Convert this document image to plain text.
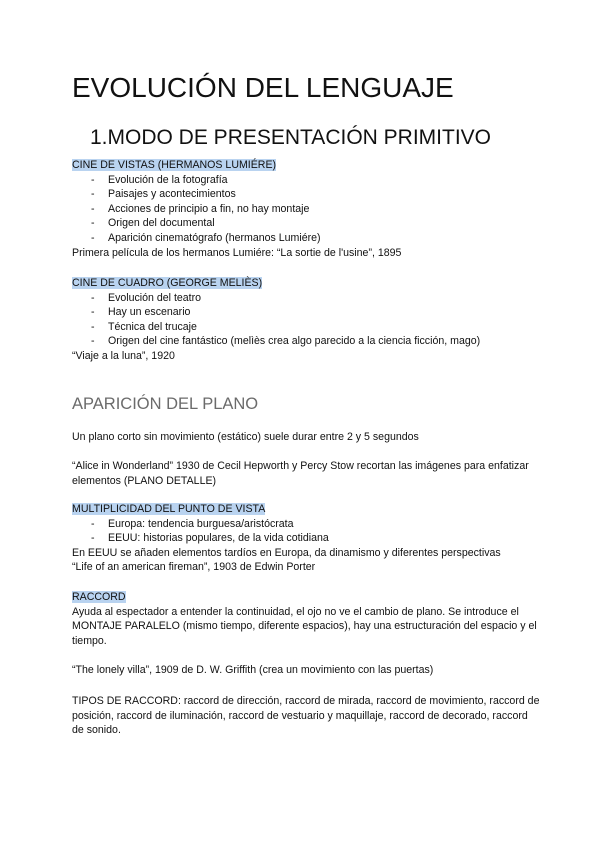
EVOLUCIÓN DEL LENGUAJE
1.MODO DE PRESENTACIÓN PRIMITIVO

CINE DE VISTAS (HERMANOS LUMIÉRE)

- Evolución de la fotografía
- Paisajes y acontecimientos
- Acciones de principio a fin, no hay montaje
- Origen del documental
- Aparición cinematógrafo (hermanos Lumiére)

Primera película de los hermanos Lumiére: “La sortie de l'usine”, 1895

CINE DE CUADRO (GEORGE MELIÈS)

- Evolución del teatro
- Hay un escenario
- Técnica del trucaje
- Origen del cine fantástico (melìès crea algo parecido a la ciencia ficción, mago)

“Viaje a la luna”, 1920

APARICIÓN DEL PLANO

Un plano corto sin movimiento (estático) suele durar entre 2 y 5 segundos

“Alice in Wonderland” 1930 de Cecil Hepworth y Percy Stow recortan las imágenes para enfatizar elementos (PLANO DETALLE)

MULTIPLICIDAD DEL PUNTO DE VISTA

- Europa: tendencia burguesa/aristócrata
- EEUU: historias populares, de la vida cotidiana

En EEUU se añaden elementos tardíos en Europa, da dinamismo y diferentes perspectivas

“Life of an american fireman”, 1903 de Edwin Porter

RACCORD

Ayuda al espectador a entender la continuidad, el ojo no ve el cambio de plano. Se introduce el MONTAJE PARALELO (mismo tiempo, diferente espacios), hay una estructuración del espacio y el tiempo.

“The lonely villa”, 1909 de D. W. Griffith (crea un movimiento con las puertas)

TIPOS DE RACCORD: raccord de dirección, raccord de mirada, raccord de movimiento, raccord de posición, raccord de iluminación, raccord de vestuario y maquillaje, raccord de decorado, raccord de sonido.
